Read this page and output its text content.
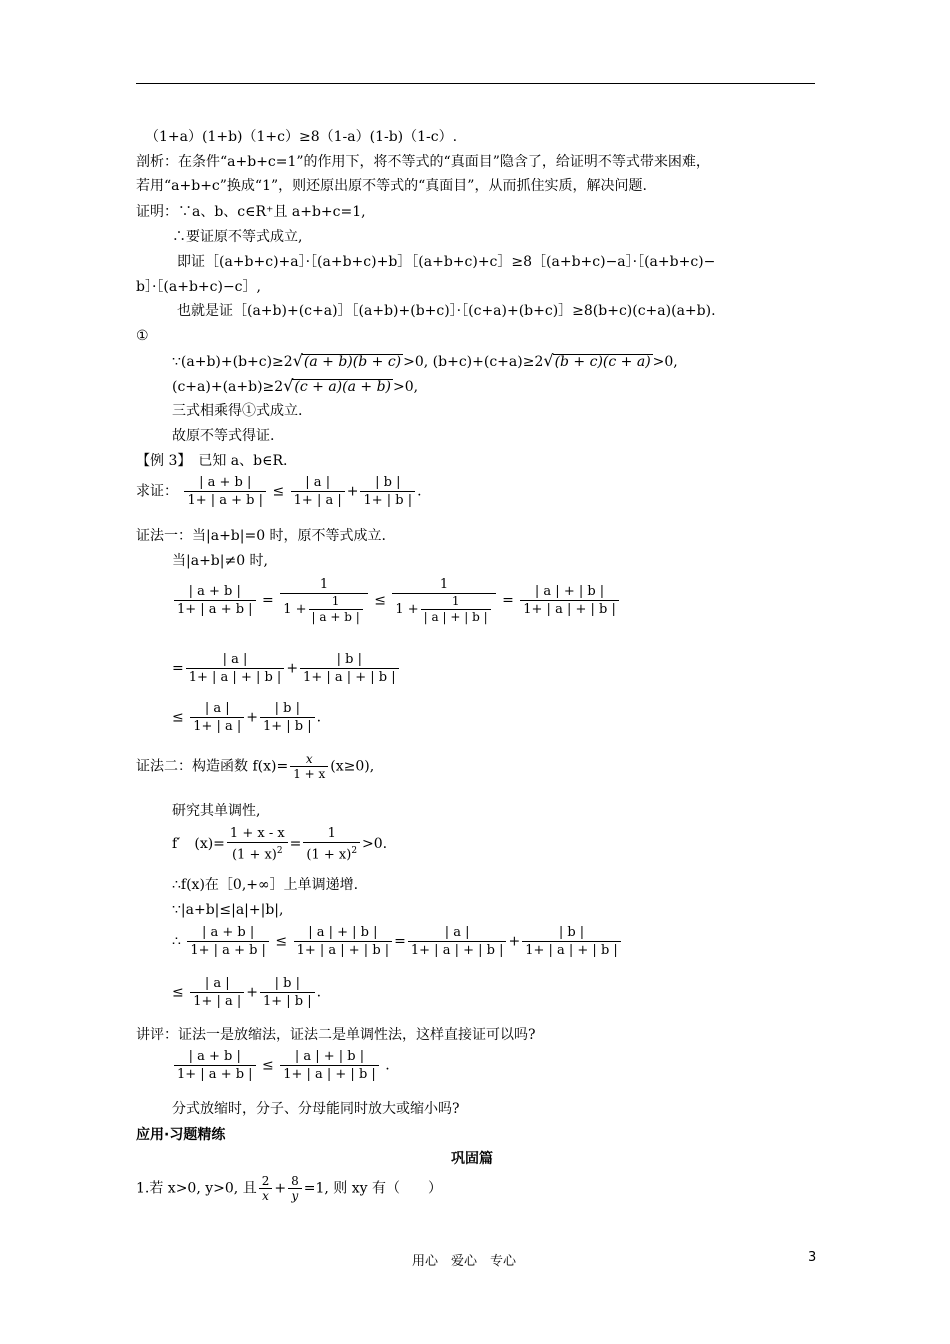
（1+a）(1+b)（1+c）≥8（1-a）(1-b)（1-c）.
剖析：在条件“a+b+c=1”的作用下，将不等式的“真面目”隐含了，给证明不等式带来困难，
若用“a+b+c”换成“1”，则还原出原不等式的“真面目”，从而抓住实质，解决问题.
证明：∵a、b、c∈R⁺且 a+b+c=1,
∴要证原不等式成立,
即证［(a+b+c)+a］·［(a+b+c)+b］［(a+b+c)+c］≥8［(a+b+c)−a］·［(a+b+c)−
b］·［(a+b+c)−c］,
也就是证［(a+b)+(c+a)］［(a+b)+(b+c)］·［(c+a)+(b+c)］≥8(b+c)(c+a)(a+b).
①
∵(a+b)+(b+c)≥2√(a + b)(b + c) >0, (b+c)+(c+a)≥2√(b + c)(c + a) >0,
(c+a)+(a+b)≥2√(c + a)(a + b) >0,
三式相乘得①式成立.
故原不等式得证.
【例 3】　已知 a、b∈R.
求证： $\frac{| a + b |}{1+ | a + b |} \le \frac{| a |}{1+ | a |} + \frac{| b |}{1+ | b |}$ .
证法一：当|a+b|=0 时，原不等式成立.
当|a+b|≠0 时,
$\frac{| a + b |}{1+ | a + b |} = \frac{1}{1 + \frac{1}{| a + b |}} \le \frac{1}{1 + \frac{1}{| a | + | b |}} = \frac{| a | + | b |}{1+ | a | + | b |}$
= $\frac{| a |}{1+ | a | + | b |} + \frac{| b |}{1+ | a | + | b |}$
≤ $\frac{| a |}{1+ | a |} + \frac{| b |}{1+ | b |}$ .
证法二：构造函数 $f(x)= \frac{x}{1 + x} (x\ge 0)$,
研究其单调性,
f′　$(x)= \frac{1 + x - x}{(1 + x)^2} = \frac{1}{(1 + x)^2} >0$.
∴f(x)在［0,+∞］上单调递增.
∵|a+b|≤|a|+|b|,
∴ $\frac{| a + b |}{1+ | a + b |} \le \frac{| a | + | b |}{1+ | a | + | b |} = \frac{| a |}{1+ | a | + | b |} + \frac{| b |}{1+ | a | + | b |}$
≤ $\frac{| a |}{1+ | a |} + \frac{| b |}{1+ | b |}$ .
讲评：证法一是放缩法，证法二是单调性法，这样直接证可以吗?
$\frac{| a + b |}{1+ | a + b |} \le \frac{| a | + | b |}{1+ | a | + | b |}$ .
分式放缩时，分子、分母能同时放大或缩小吗?
应用·习题精练
巩固篇
1.若 x>0, y>0, 且 $\frac{2}{x} + \frac{8}{y} =1$, 则 xy 有（　　）
用心　爱心　专心	3
